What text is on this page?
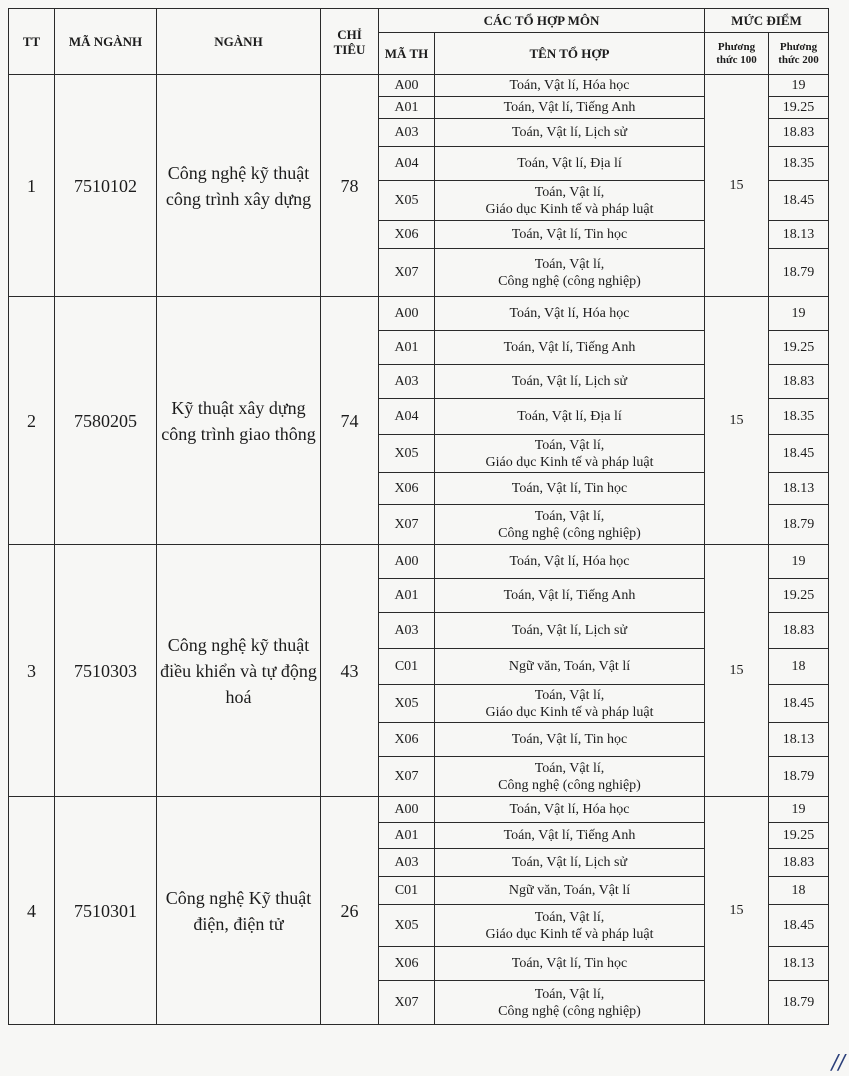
TT	MÃ NGÀNH	NGÀNH	CHỈ TIÊU	CÁC TỔ HỢP MÔN		MỨC ĐIỂM	
				MÃ TH	TÊN TỔ HỢP	Phương thức 100	Phương thức 200
1	7510102	Công nghệ kỹ thuật công trình xây dựng	78	A00	Toán, Vật lí, Hóa học	15	19
				A01	Toán, Vật lí, Tiếng Anh		19.25
				A03	Toán, Vật lí, Lịch sử		18.83
				A04	Toán, Vật lí, Địa lí		18.35
				X05	Toán, Vật lí,
Giáo dục Kinh tế và pháp luật		18.45
				X06	Toán, Vật lí, Tin học		18.13
				X07	Toán, Vật lí,
Công nghệ (công nghiệp)		18.79
2	7580205	Kỹ thuật xây dựng công trình giao thông	74	A00	Toán, Vật lí, Hóa học	15	19
				A01	Toán, Vật lí, Tiếng Anh		19.25
				A03	Toán, Vật lí, Lịch sử		18.83
				A04	Toán, Vật lí, Địa lí		18.35
				X05	Toán, Vật lí,
Giáo dục Kinh tế và pháp luật		18.45
				X06	Toán, Vật lí, Tin học		18.13
				X07	Toán, Vật lí,
Công nghệ (công nghiệp)		18.79
3	7510303	Công nghệ kỹ thuật điều khiển và tự động hoá	43	A00	Toán, Vật lí, Hóa học	15	19
				A01	Toán, Vật lí, Tiếng Anh		19.25
				A03	Toán, Vật lí, Lịch sử		18.83
				C01	Ngữ văn, Toán, Vật lí		18
				X05	Toán, Vật lí,
Giáo dục Kinh tế và pháp luật		18.45
				X06	Toán, Vật lí, Tin học		18.13
				X07	Toán, Vật lí,
Công nghệ (công nghiệp)		18.79
4	7510301	Công nghệ Kỹ thuật điện, điện tử	26	A00	Toán, Vật lí, Hóa học	15	19
				A01	Toán, Vật lí, Tiếng Anh		19.25
				A03	Toán, Vật lí, Lịch sử		18.83
				C01	Ngữ văn, Toán, Vật lí		18
				X05	Toán, Vật lí,
Giáo dục Kinh tế và pháp luật		18.45
				X06	Toán, Vật lí, Tin học		18.13
				X07	Toán, Vật lí,
Công nghệ (công nghiệp)		18.79
//
